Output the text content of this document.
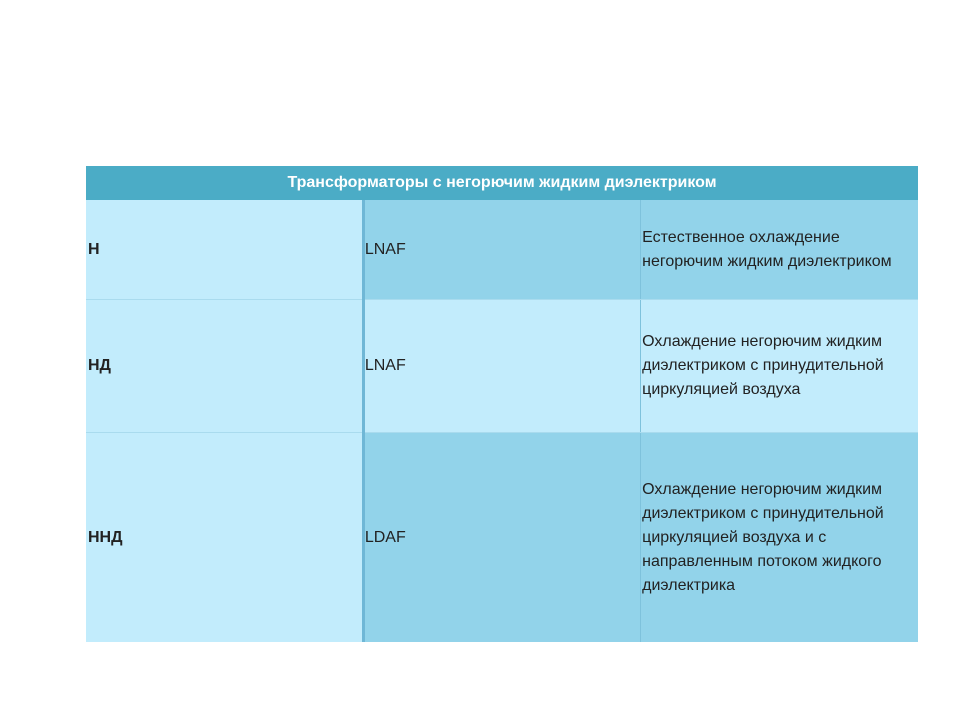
Трансформаторы с негорючим жидким диэлектриком		
Н	LNAF	Естественное охлаждение негорючим жидким диэлектриком
НД	LNAF	Охлаждение негорючим жидким диэлектриком с принудительной циркуляцией воздуха
ННД	LDAF	Охлаждение негорючим жидким диэлектриком с принудительной циркуляцией воздуха и с направленным потоком жидкого диэлектрика
